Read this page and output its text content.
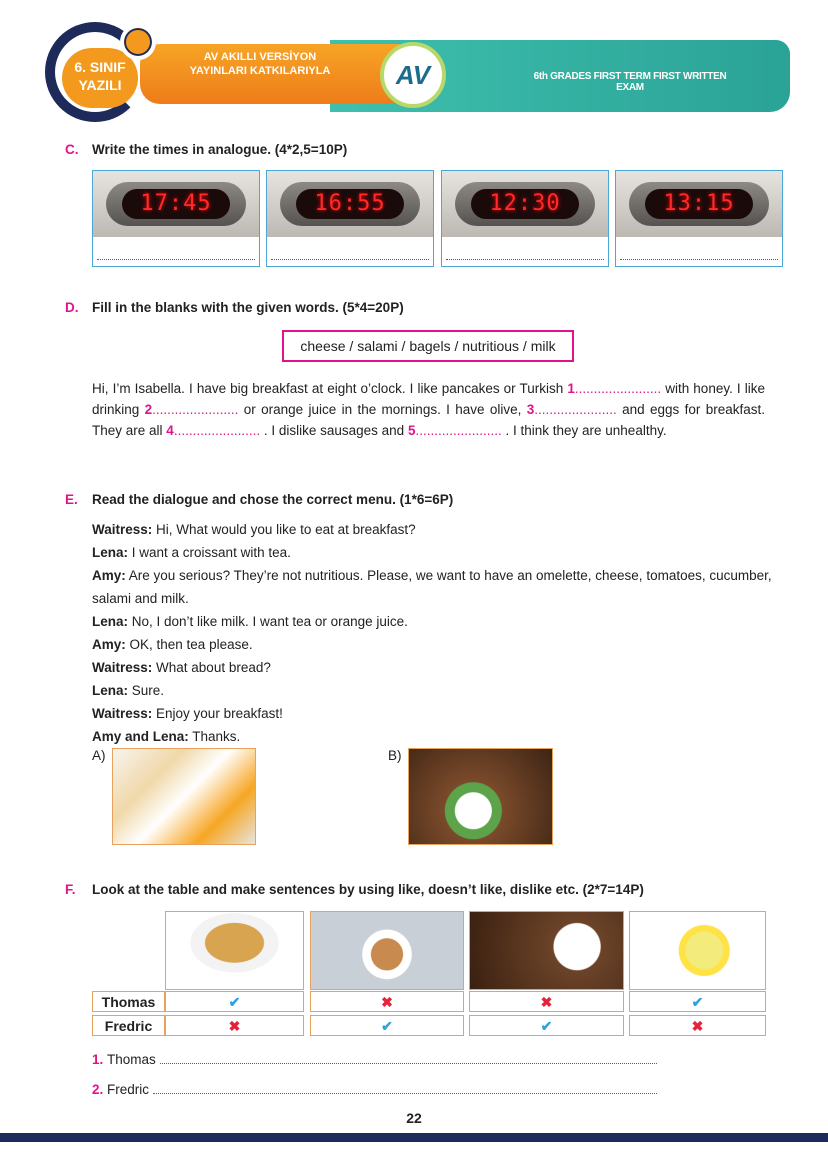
6. SINIF
YAZILI
AV AKILLI VERSİYON
YAYINLARI KATKILARIYLA	AV	6th GRADES FIRST TERM FIRST WRITTEN EXAM
C. Write the times in analogue. (4*2,5=10P)
17:45	16:55	12:30	13:15
D. Fill in the blanks with the given words. (5*4=20P)
cheese / salami / bagels / nutritious / milk
Hi, I’m Isabella. I have big breakfast at eight o’clock. I like pancakes or Turkish 1....................... with honey. I like drinking 2....................... or orange juice in the mornings. I have olive, 3...................... and eggs for breakfast. They are all 4....................... . I dislike sausages and 5....................... . I think they are unhealthy.
E. Read the dialogue and chose the correct menu. (1*6=6P)
Waitress: Hi, What would you like to eat at breakfast?
Lena: I want a croissant with tea.
Amy: Are you serious? They’re not nutritious. Please, we want to have an omelette, cheese, tomatoes, cucumber, salami and milk.
Lena: No, I don’t like milk. I want tea or orange juice.
Amy: OK, then tea please.
Waitress: What about bread?
Lena: Sure.
Waitress: Enjoy your breakfast!
Amy and Lena: Thanks.
A)	B)
F. Look at the table and make sentences by using like, doesn’t like, dislike etc. (2*7=14P)
Thomas	✔	✖	✖	✔
Fredric	✖	✔	✔	✖
1.
Thomas
2.
Fredric
22
